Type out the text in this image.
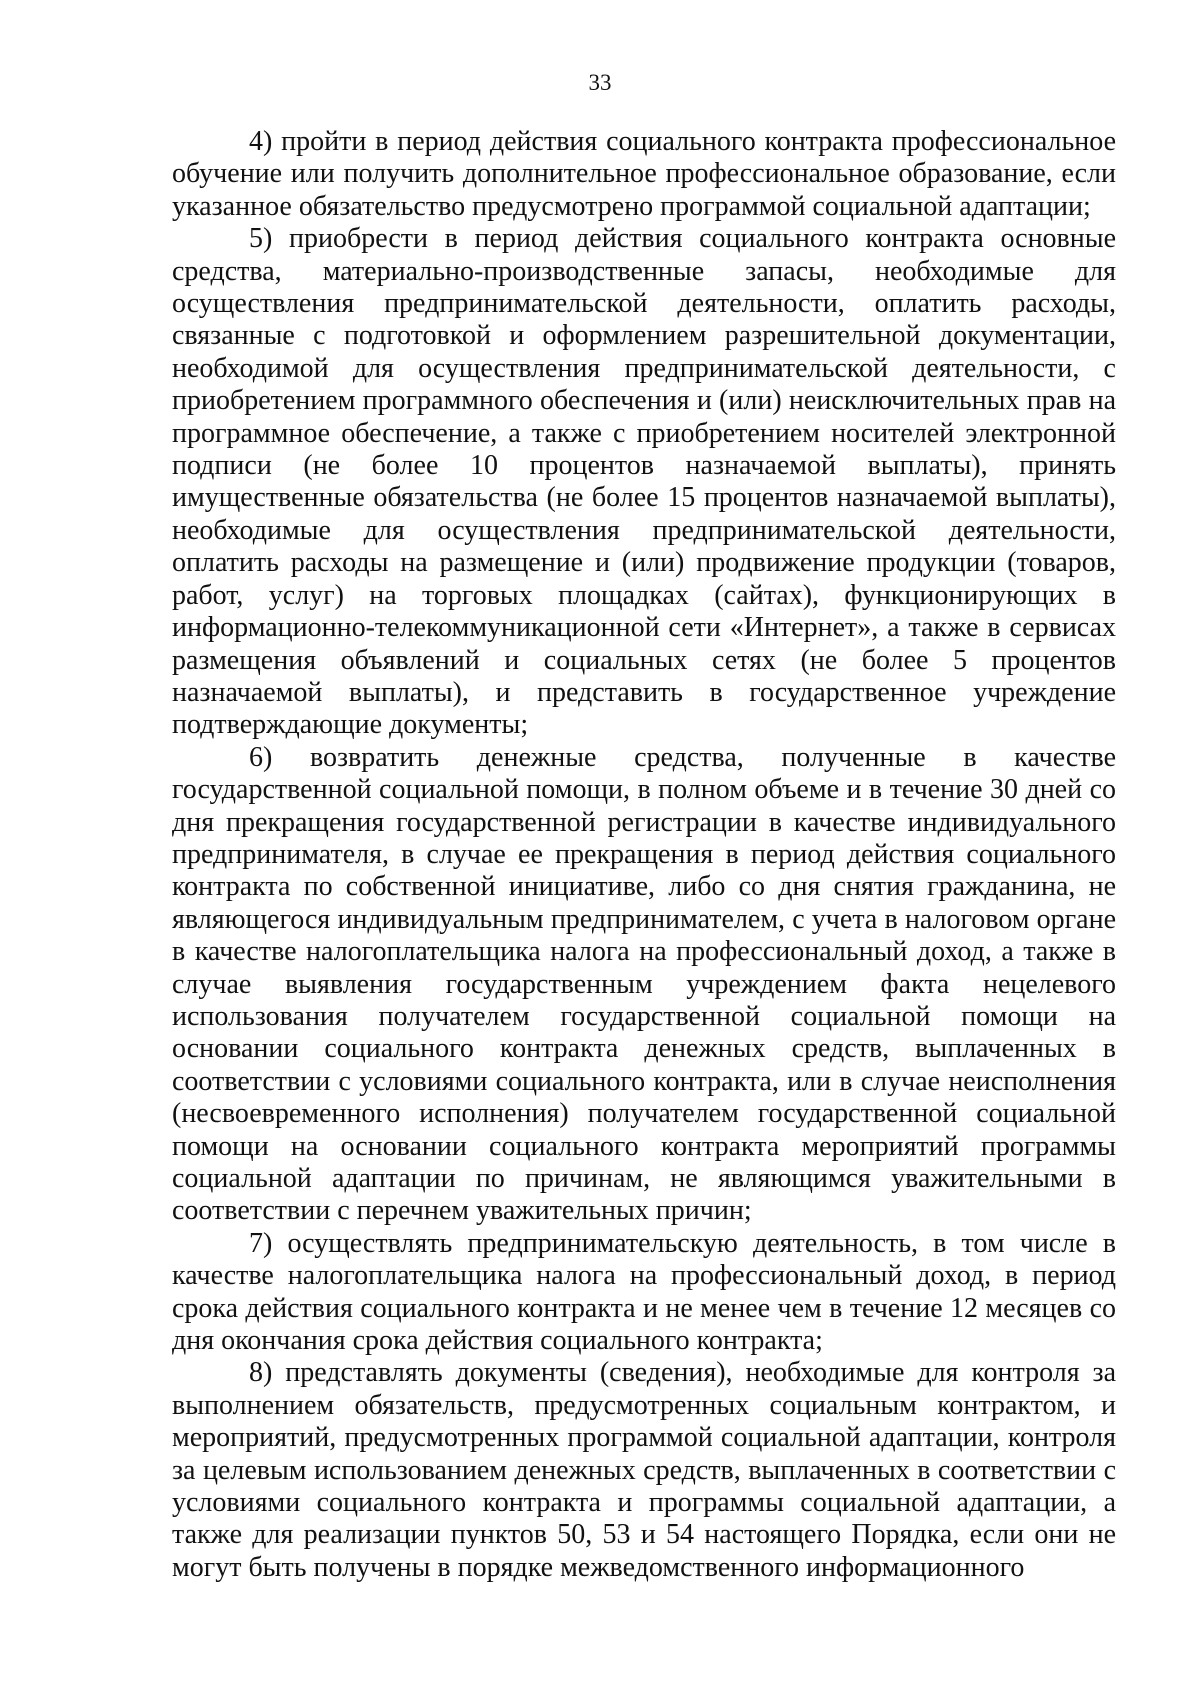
33

4) пройти в период действия социального контракта профессиональное обучение или получить дополнительное профессиональное образование, если указанное обязательство предусмотрено программой социальной адаптации;

5) приобрести в период действия социального контракта основные средства, материально-производственные запасы, необходимые для осуществления предпринимательской деятельности, оплатить расходы, связанные с подготовкой и оформлением разрешительной документации, необходимой для осуществления предпринимательской деятельности, с приобретением программного обеспечения и (или) неисключительных прав на программное обеспечение, а также с приобретением носителей электронной подписи (не более 10 процентов назначаемой выплаты), принять имущественные обязательства (не более 15 процентов назначаемой выплаты), необходимые для осуществления предпринимательской деятельности, оплатить расходы на размещение и (или) продвижение продукции (товаров, работ, услуг) на торговых площадках (сайтах), функционирующих в информационно-телекоммуникационной сети «Интернет», а также в сервисах размещения объявлений и социальных сетях (не более 5 процентов назначаемой выплаты), и представить в государственное учреждение подтверждающие документы;

6) возвратить денежные средства, полученные в качестве государственной социальной помощи, в полном объеме и в течение 30 дней со дня прекращения государственной регистрации в качестве индивидуального предпринимателя, в случае ее прекращения в период действия социального контракта по собственной инициативе, либо со дня снятия гражданина, не являющегося индивидуальным предпринимателем, с учета в налоговом органе в качестве налогоплательщика налога на профессиональный доход, а также в случае выявления государственным учреждением факта нецелевого использования получателем государственной социальной помощи на основании социального контракта денежных средств, выплаченных в соответствии с условиями социального контракта, или в случае неисполнения (несвоевременного исполнения) получателем государственной социальной помощи на основании социального контракта мероприятий программы социальной адаптации по причинам, не являющимся уважительными в соответствии с перечнем уважительных причин;

7) осуществлять предпринимательскую деятельность, в том числе в качестве налогоплательщика налога на профессиональный доход, в период срока действия социального контракта и не менее чем в течение 12 месяцев со дня окончания срока действия социального контракта;

8) представлять документы (сведения), необходимые для контроля за выполнением обязательств, предусмотренных социальным контрактом, и мероприятий, предусмотренных программой социальной адаптации, контроля за целевым использованием денежных средств, выплаченных в соответствии с условиями социального контракта и программы социальной адаптации, а также для реализации пунктов 50, 53 и 54 настоящего Порядка, если они не могут быть получены в порядке межведомственного информационного
